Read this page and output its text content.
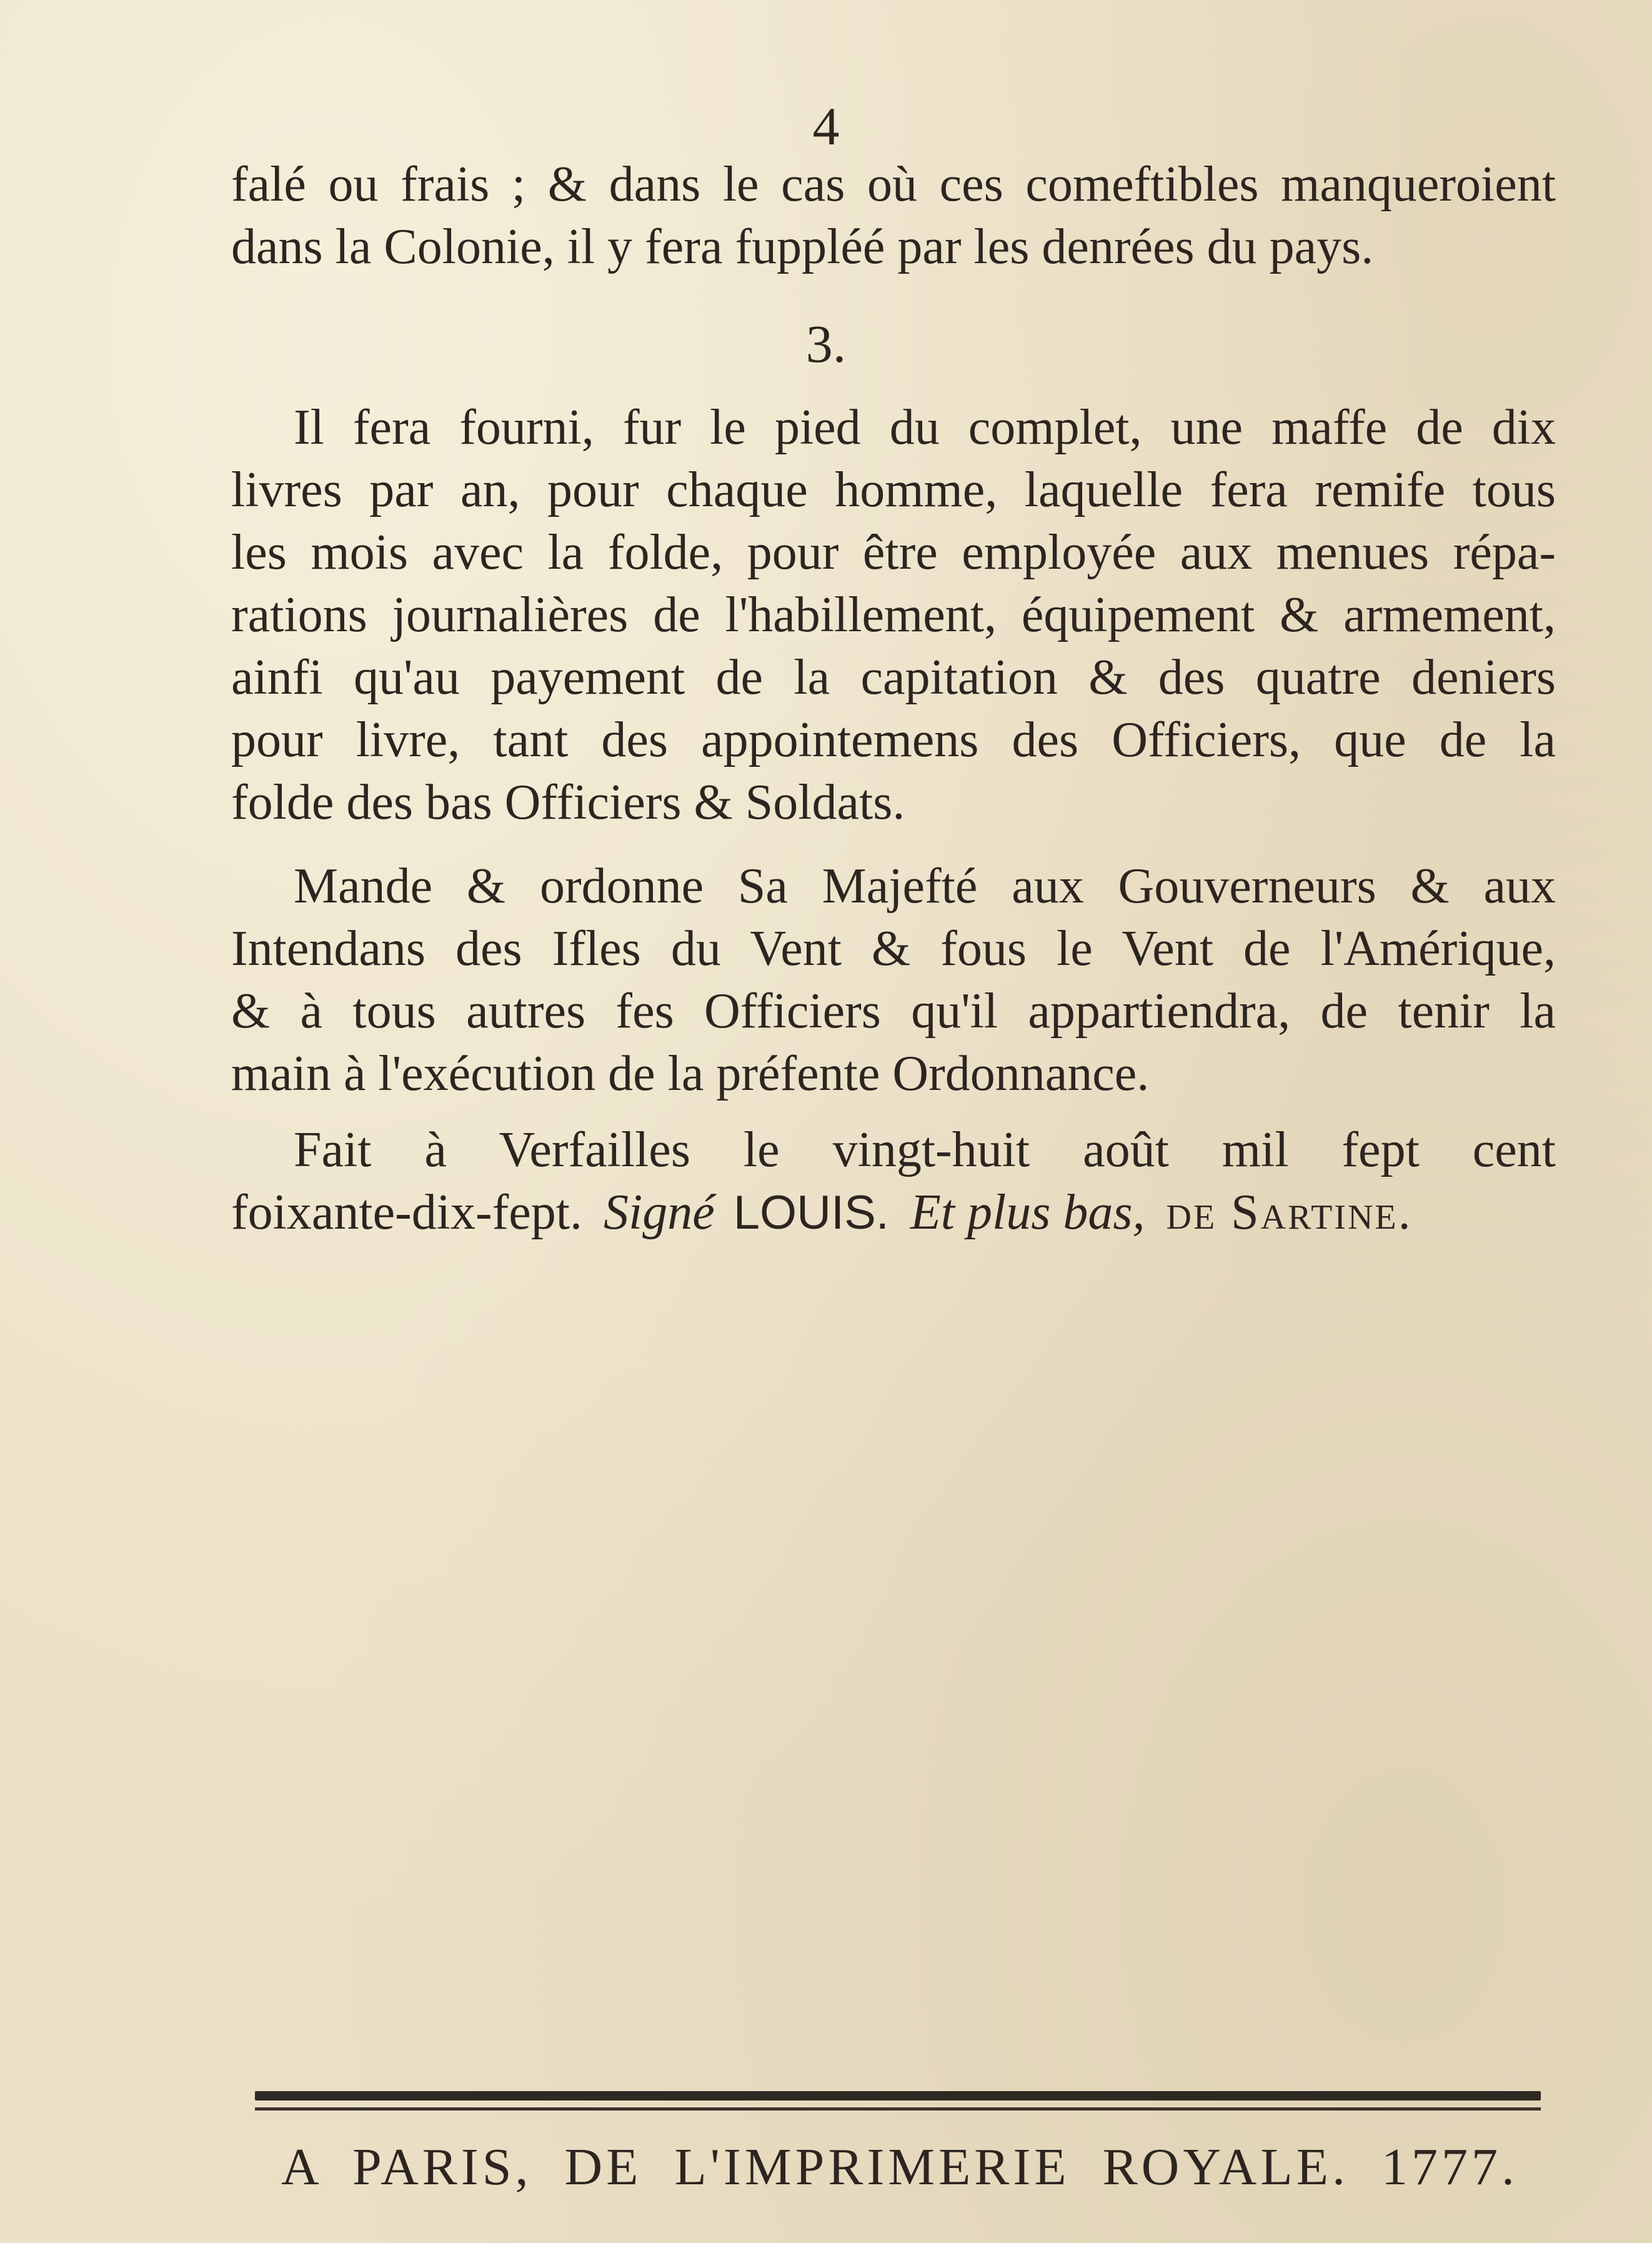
4
falé ou frais ; & dans le cas où ces comeftibles manqueroient
dans la Colonie, il y fera fuppléé par les denrées du pays.
3.
Il fera fourni, fur le pied du complet, une maffe de dix
livres par an, pour chaque homme, laquelle fera remife tous
les mois avec la folde, pour être employée aux menues répa-
rations journalières de l'habillement, équipement & armement,
ainfi qu'au payement de la capitation & des quatre deniers
pour livre, tant des appointemens des Officiers, que de la
folde des bas Officiers & Soldats.
Mande & ordonne Sa Majefté aux Gouverneurs & aux
Intendans des Ifles du Vent & fous le Vent de l'Amérique,
& à tous autres fes Officiers qu'il appartiendra, de tenir la
main à l'exécution de la préfente Ordonnance.
Fait à Verfailles le vingt-huit août mil fept cent
foixante-dix-fept. Signé LOUIS. Et plus bas, de Sartine.
A PARIS, DE L'IMPRIMERIE ROYALE. 1777.
